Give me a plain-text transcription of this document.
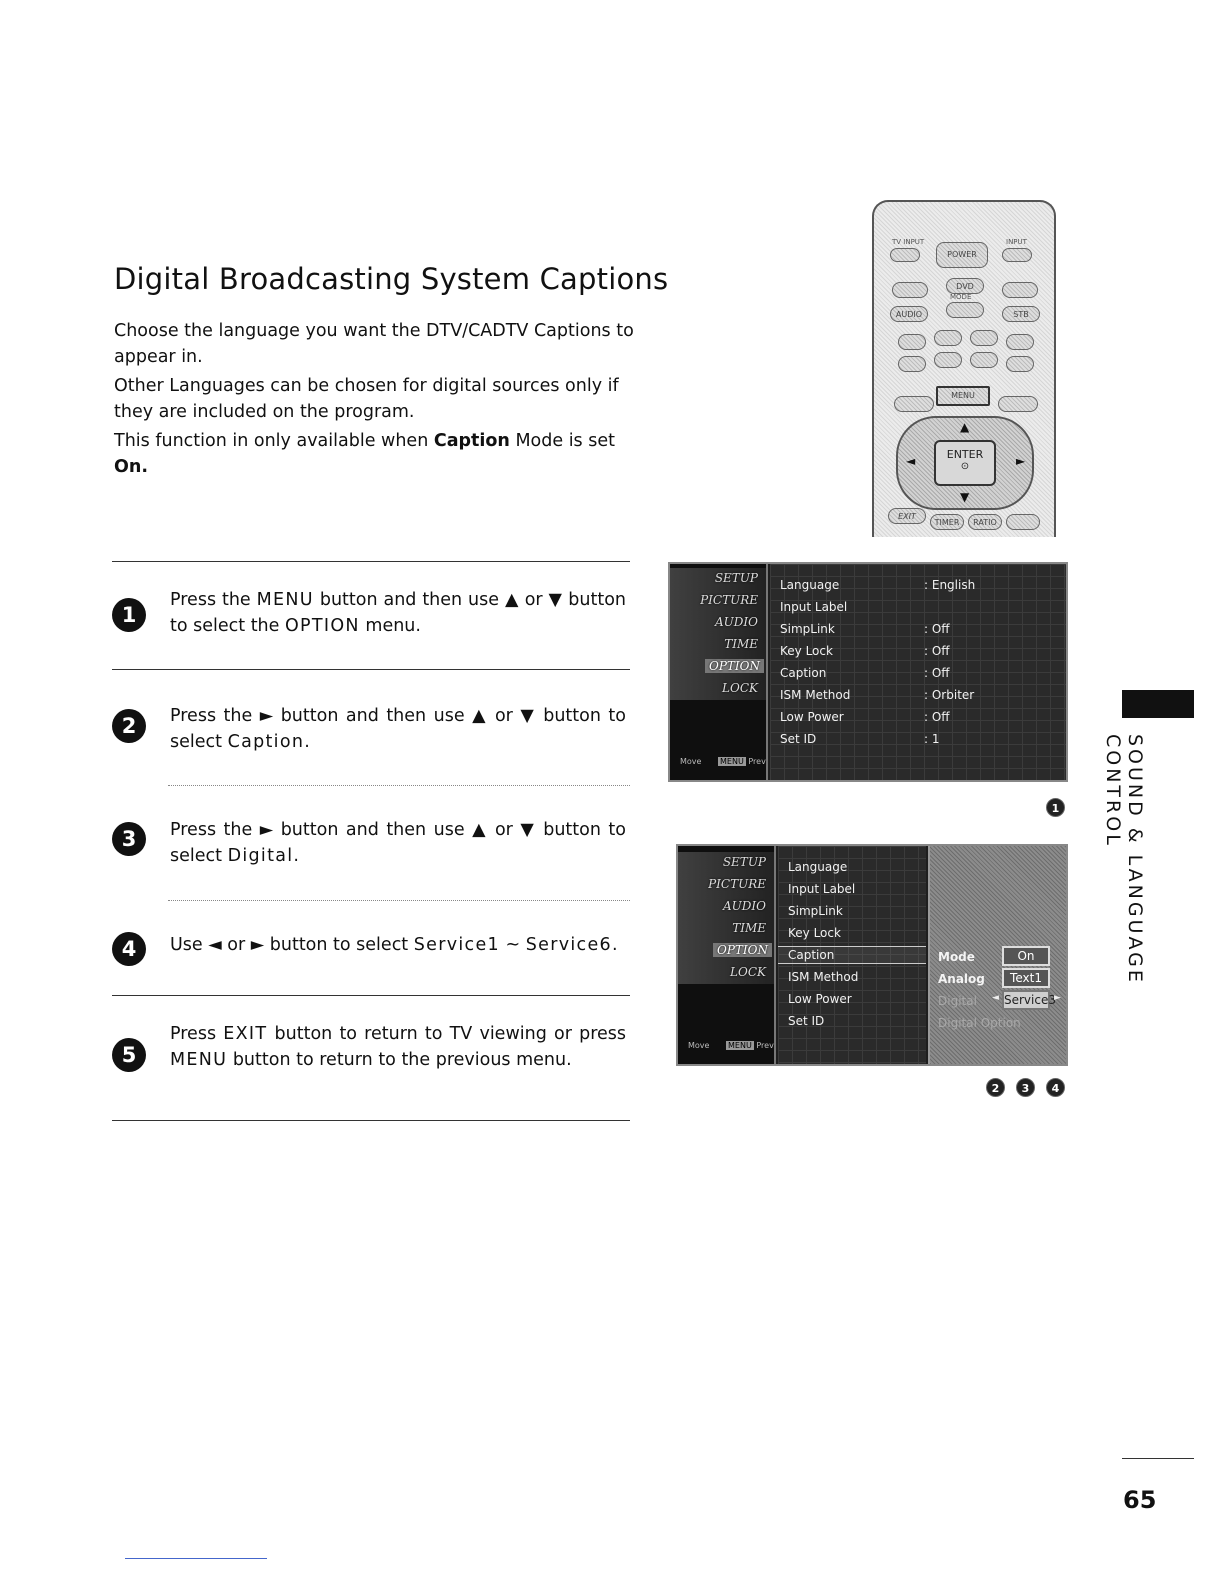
Digital Broadcasting System Captions

Choose the language you want the DTV/CADTV Captions to appear in.

Other Languages can be chosen for digital sources only if they are included on the program.

This function in only available when Caption Mode is set On.

1
Press the MENU button and then use ▲ or ▼ button to select the OPTION menu.
2	Press the ► button and then use ▲ or ▼ button to select Caption.
3	Press the ► button and then use ▲ or ▼ button to select Digital.
4	Use ◄ or ► button to select Service1 ~ Service6.
5
Press EXIT button to return to TV viewing or press MENU button to return to the previous menu.
TV INPUT	INPUT
POWER
DVD
MODE
AUDIO	STB
MENU
▲
▼
◄	►
ENTER
⊙
EXIT
TIMER	RATIO
SETUP
PICTURE
AUDIO
TIME
OPTION
LOCK
Move MENU Prev
Language	: English
Input Label
SimpLink	: Off
Key Lock	: Off
Caption	: Off
ISM Method	: Orbiter
Low Power	: Off
Set ID	: 1
1
SETUP
PICTURE
AUDIO
TIME
OPTION
LOCK
Move MENU Prev
Language
Input Label
SimpLink
Key Lock
Caption
ISM Method
Low Power
Set ID
Mode	On
Analog	Text1
Digital ◄ Service3
►
Digital Option
2	3	4
SOUND & LANGUAGE CONTROL
65
